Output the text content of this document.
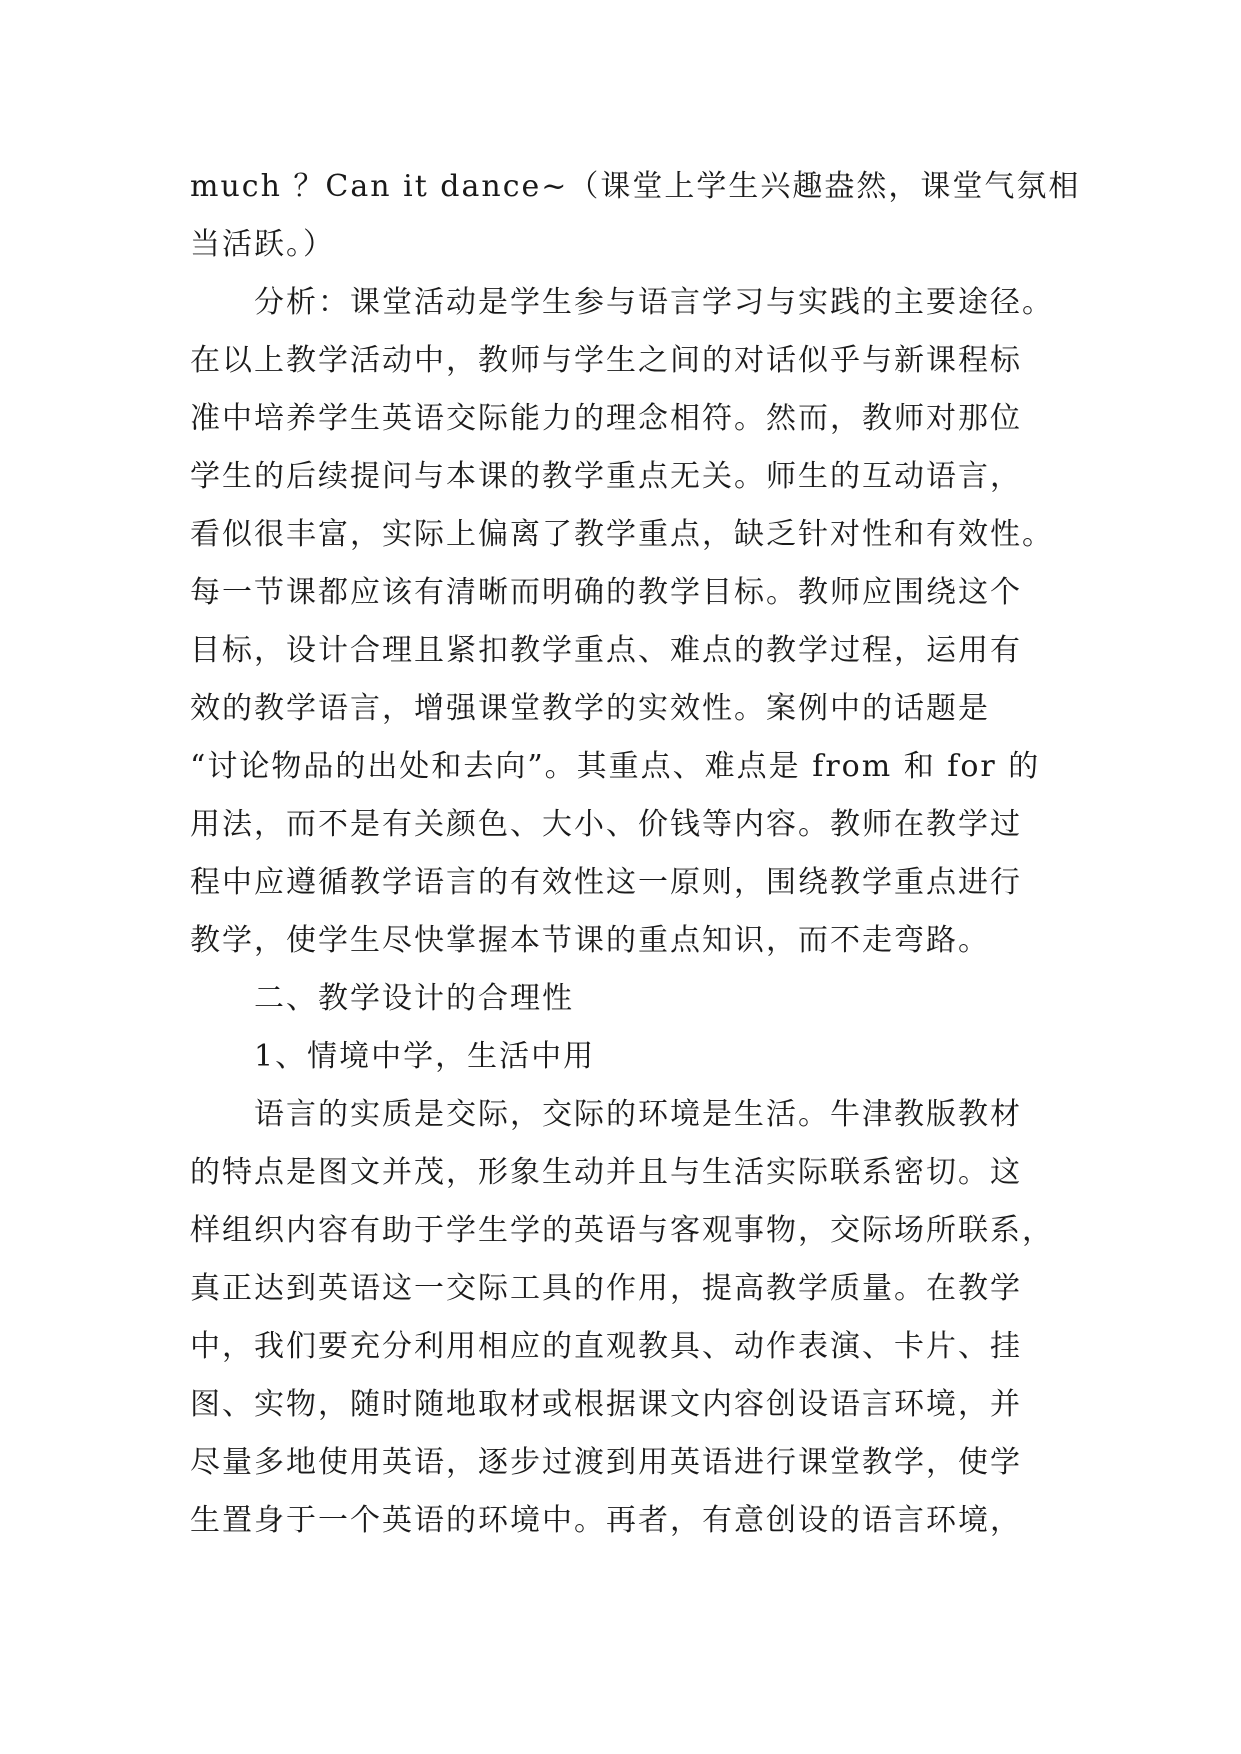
much ？Can it dance~（课堂上学生兴趣盎然，课堂气氛相
当活跃。）
分析：课堂活动是学生参与语言学习与实践的主要途径。
在以上教学活动中，教师与学生之间的对话似乎与新课程标
准中培养学生英语交际能力的理念相符。然而，教师对那位
学生的后续提问与本课的教学重点无关。师生的互动语言，
看似很丰富，实际上偏离了教学重点，缺乏针对性和有效性。
每一节课都应该有清晰而明确的教学目标。教师应围绕这个
目标，设计合理且紧扣教学重点、难点的教学过程，运用有
效的教学语言，增强课堂教学的实效性。案例中的话题是
“讨论物品的出处和去向”。其重点、难点是 from 和 for 的
用法，而不是有关颜色、大小、价钱等内容。教师在教学过
程中应遵循教学语言的有效性这一原则，围绕教学重点进行
教学，使学生尽快掌握本节课的重点知识，而不走弯路。
二、教学设计的合理性
1、情境中学，生活中用
语言的实质是交际，交际的环境是生活。牛津教版教材
的特点是图文并茂，形象生动并且与生活实际联系密切。这
样组织内容有助于学生学的英语与客观事物，交际场所联系，
真正达到英语这一交际工具的作用，提高教学质量。在教学
中，我们要充分利用相应的直观教具、动作表演、卡片、挂
图、实物，随时随地取材或根据课文内容创设语言环境，并
尽量多地使用英语，逐步过渡到用英语进行课堂教学，使学
生置身于一个英语的环境中。再者，有意创设的语言环境，
